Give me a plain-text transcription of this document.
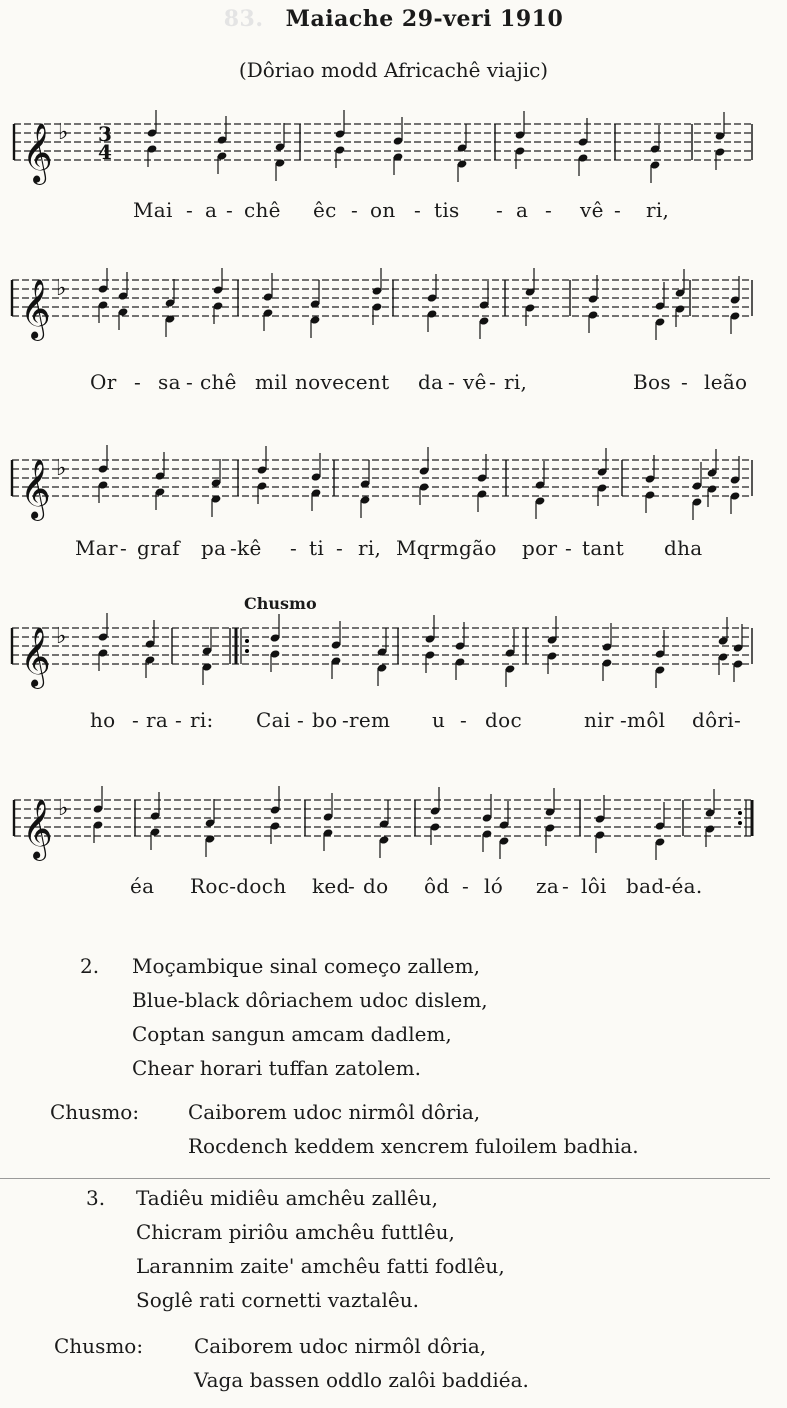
83. Maiache 29-veri 1910
(Dôriao modd Africachê viajic)
𝄞 ♭ 3
4
Mai - a - chê êc - on - tis - a - vê - ri,
𝄞 ♭
Or - sa - chê mil novecent da - vê - ri,	Bos - leão
𝄞 ♭
Mar - graf pa -kê - ti - ri, Mqrmgão por - tant dha
Chusmo
𝄞 ♭
ho - ra - ri: Cai - bo -rem u - doc	nir -môl dôri-
𝄞 ♭
éa Roc-doch ked
- do ôd - ló za - lôi bad-éa.
2. Moçambique sinal começo zallem,
Blue-black dôriachem udoc dislem,
Coptan sangun amcam dadlem,
Chear horari tuffan zatolem.
Chusmo: Caiborem udoc nirmôl dôria,
Rocdench keddem xencrem fuloilem badhia.
3. Tadiêu midiêu amchêu zallêu,
Chicram piriôu amchêu futtlêu,
Larannim zaite' amchêu fatti fodlêu,
Soglê rati cornetti vaztalêu.
Chusmo:	Caiborem udoc nirmôl dôria,
Vaga bassen oddlo zalôi baddiéa.
